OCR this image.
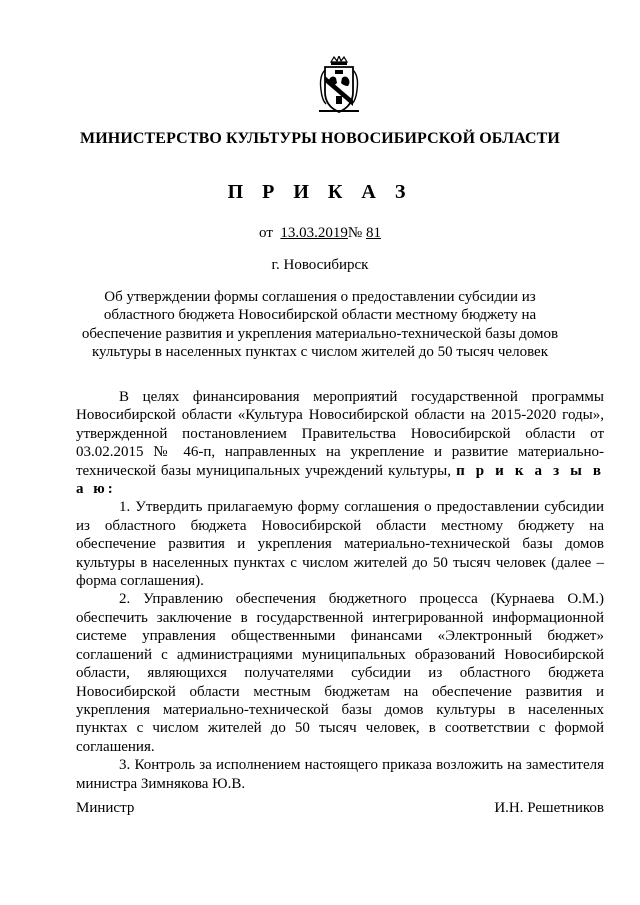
МИНИСТЕРСТВО КУЛЬТУРЫ НОВОСИБИРСКОЙ ОБЛАСТИ
П Р И К А З
от 13.03.2019№ 81
г. Новосибирск
Об утверждении формы соглашения о предоставлении субсидии из областного бюджета Новосибирской области местному бюджету на обеспечение развития и укрепления материально-технической базы домов культуры в населенных пунктах с числом жителей до 50 тысяч человек

В целях финансирования мероприятий государственной программы Новосибирской области «Культура Новосибирской области на 2015-2020 годы», утвержденной постановлением Правительства Новосибирской области от 03.02.2015 № 46-п, направленных на укрепление и развитие материально-технической базы муниципальных учреждений культуры, п р и к а з ы в а ю:

1. Утвердить прилагаемую форму соглашения о предоставлении субсидии из областного бюджета Новосибирской области местному бюджету на обеспечение развития и укрепления материально-технической базы домов культуры в населенных пунктах с числом жителей до 50 тысяч человек (далее – форма соглашения).

2. Управлению обеспечения бюджетного процесса (Курнаева О.М.) обеспечить заключение в государственной интегрированной информационной системе управления общественными финансами «Электронный бюджет» соглашений с администрациями муниципальных образований Новосибирской области, являющихся получателями субсидии из областного бюджета Новосибирской области местным бюджетам на обеспечение развития и укрепления материально-технической базы домов культуры в населенных пунктах с числом жителей до 50 тысяч человек, в соответствии с формой соглашения.

3. Контроль за исполнением настоящего приказа возложить на заместителя министра Зимнякова Ю.В.

Министр	И.Н. Решетников
